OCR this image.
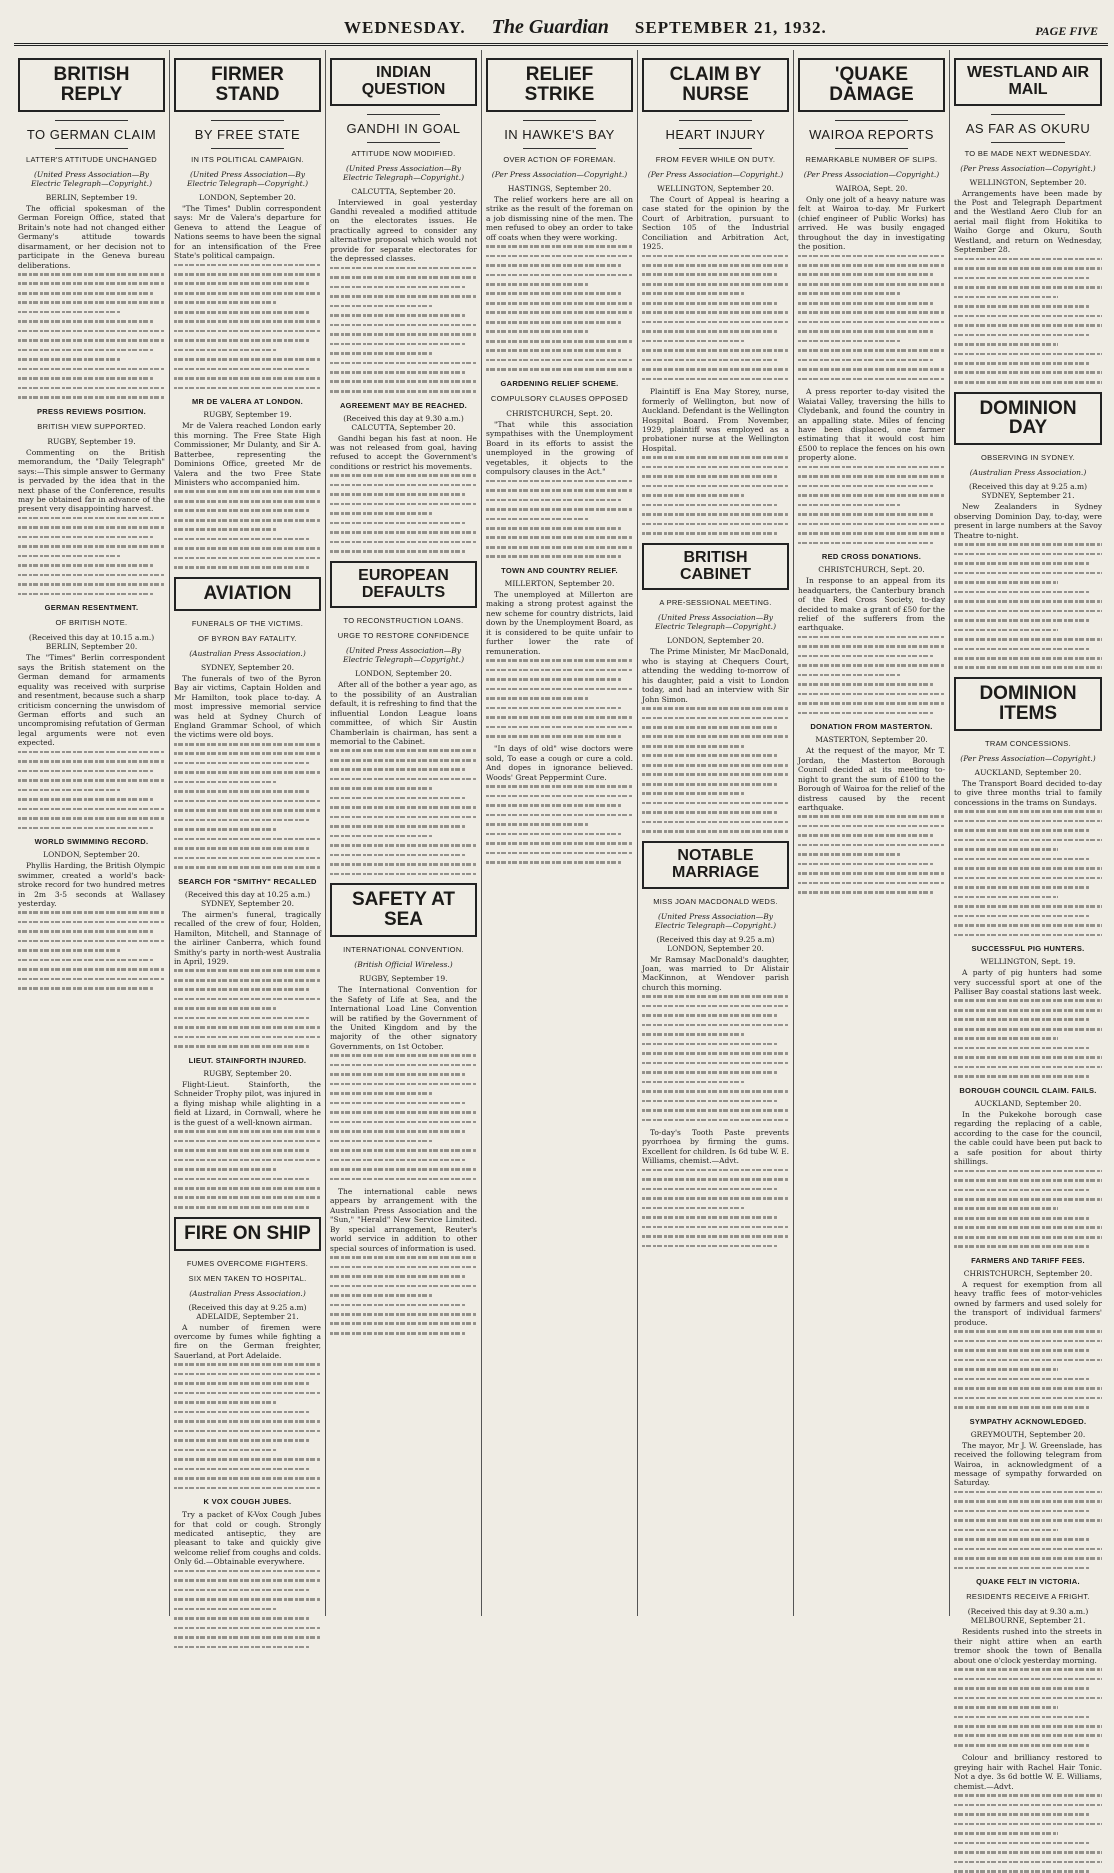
WEDNESDAY. The Guardian SEPTEMBER 21, 1932.	PAGE FIVE
BRITISH REPLY
TO GERMAN CLAIM
LATTER'S ATTITUDE UNCHANGED
(United Press Association—By Electric Telegraph—Copyright.)
BERLIN, September 19.
The official spokesman of the German Foreign Office, stated that Britain's note had not changed either Germany's attitude towards disarmament, or her decision not to participate in the Geneva bureau deliberations.
PRESS REVIEWS POSITION.
BRITISH VIEW SUPPORTED.
RUGBY, September 19.
Commenting on the British memorandum, the "Daily Telegraph" says:—This simple answer to Germany is pervaded by the idea that in the next phase of the Conference, results may be obtained far in advance of the present very disappointing harvest.
GERMAN RESENTMENT.
OF BRITISH NOTE.
(Received this day at 10.15 a.m.) BERLIN, September 20.
The "Times" Berlin correspondent says the British statement on the German demand for armaments equality was received with surprise and resentment, because such a sharp criticism concerning the unwisdom of German efforts and such an uncompromising refutation of German legal arguments were not even expected.
WORLD SWIMMING RECORD.
LONDON, September 20.
Phyllis Harding, the British Olympic swimmer, created a world's back-stroke record for two hundred metres in 2m 3-5 seconds at Wallasey yesterday.
FIRMER STAND
BY FREE STATE
IN ITS POLITICAL CAMPAIGN.
(United Press Association—By Electric Telegraph—Copyright.)
LONDON, September 20.
"The Times" Dublin correspondent says: Mr de Valera's departure for Geneva to attend the League of Nations seems to have been the signal for an intensification of the Free State's political campaign.
MR DE VALERA AT LONDON.
RUGBY, September 19.
Mr de Valera reached London early this morning. The Free State High Commissioner, Mr Dulanty, and Sir A. Batterbee, representing the Dominions Office, greeted Mr de Valera and the two Free State Ministers who accompanied him.
AVIATION
FUNERALS OF THE VICTIMS.
OF BYRON BAY FATALITY.
(Australian Press Association.)
SYDNEY, September 20.
The funerals of two of the Byron Bay air victims, Captain Holden and Mr Hamilton, took place to-day. A most impressive memorial service was held at Sydney Church of England Grammar School, of which the victims were old boys.
SEARCH FOR "SMITHY" RECALLED
(Received this day at 10.25 a.m.) SYDNEY, September 20.
The airmen's funeral, tragically recalled of the crew of four, Holden, Hamilton, Mitchell, and Stannage of the airliner Canberra, which found Smithy's party in north-west Australia in April, 1929.
LIEUT. STAINFORTH INJURED.
RUGBY, September 20.
Flight-Lieut. Stainforth, the Schneider Trophy pilot, was injured in a flying mishap while alighting in a field at Lizard, in Cornwall, where he is the guest of a well-known airman.
FIRE ON SHIP
FUMES OVERCOME FIGHTERS.
SIX MEN TAKEN TO HOSPITAL.
(Australian Press Association.)
(Received this day at 9.25 a.m) ADELAIDE, September 21.
A number of firemen were overcome by fumes while fighting a fire on the German freighter, Sauerland, at Port Adelaide.
K VOX COUGH JUBES.
Try a packet of K-Vox Cough Jubes for that cold or cough. Strongly medicated antiseptic, they are pleasant to take and quickly give welcome relief from coughs and colds. Only 6d.—Obtainable everywhere.
INDIAN QUESTION
GANDHI IN GOAL
ATTITUDE NOW MODIFIED.
(United Press Association—By Electric Telegraph—Copyright.)
CALCUTTA, September 20.
Interviewed in goal yesterday Gandhi revealed a modified attitude on the electorates issues. He practically agreed to consider any alternative proposal which would not provide for separate electorates for the depressed classes.
AGREEMENT MAY BE REACHED.
(Received this day at 9.30 a.m.) CALCUTTA, September 20.
Gandhi began his fast at noon. He was not released from goal, having refused to accept the Government's conditions or restrict his movements.
EUROPEAN DEFAULTS
TO RECONSTRUCTION LOANS.
URGE TO RESTORE CONFIDENCE
(United Press Association—By Electric Telegraph—Copyright.)
LONDON, September 20.
After all of the bother a year ago, as to the possibility of an Australian default, it is refreshing to find that the influential London League loans committee, of which Sir Austin Chamberlain is chairman, has sent a memorial to the Cabinet.
SAFETY AT SEA
INTERNATIONAL CONVENTION.
(British Official Wireless.)
RUGBY, September 19.
The International Convention for the Safety of Life at Sea, and the International Load Line Convention will be ratified by the Government of the United Kingdom and by the majority of the other signatory Governments, on 1st October.
The international cable news appears by arrangement with the Australian Press Association and the "Sun," "Herald" New Service Limited. By special arrangement, Reuter's world service in addition to other special sources of information is used.
RELIEF STRIKE
IN HAWKE'S BAY
OVER ACTION OF FOREMAN.
(Per Press Association—Copyright.)
HASTINGS, September 20.
The relief workers here are all on strike as the result of the foreman on a job dismissing nine of the men. The men refused to obey an order to take off coats when they were working.
GARDENING RELIEF SCHEME.
COMPULSORY CLAUSES OPPOSED
CHRISTCHURCH, Sept. 20.
"That while this association sympathises with the Unemployment Board in its efforts to assist the unemployed in the growing of vegetables, it objects to the compulsory clauses in the Act."
TOWN AND COUNTRY RELIEF.
MILLERTON, September 20.
The unemployed at Millerton are making a strong protest against the new scheme for country districts, laid down by the Unemployment Board, as it is considered to be quite unfair to further lower the rate of remuneration.
"In days of old" wise doctors were sold, To ease a cough or cure a cold. And dopes in ignorance believed. Woods' Great Peppermint Cure.
CLAIM BY NURSE
HEART INJURY
FROM FEVER WHILE ON DUTY.
(Per Press Association—Copyright.)
WELLINGTON, September 20.
The Court of Appeal is hearing a case stated for the opinion by the Court of Arbitration, pursuant to Section 105 of the Industrial Conciliation and Arbitration Act, 1925.
Plaintiff is Ena May Storey, nurse, formerly of Wellington, but now of Auckland. Defendant is the Wellington Hospital Board. From November, 1929, plaintiff was employed as a probationer nurse at the Wellington Hospital.
BRITISH CABINET
A PRE-SESSIONAL MEETING.
(United Press Association—By Electric Telegraph—Copyright.)
LONDON, September 20.
The Prime Minister, Mr MacDonald, who is staying at Chequers Court, attending the wedding to-morrow of his daughter, paid a visit to London today, and had an interview with Sir John Simon.
NOTABLE MARRIAGE
MISS JOAN MACDONALD WEDS.
(United Press Association—By Electric Telegraph—Copyright.)
(Received this day at 9.25 a.m) LONDON, September 20.
Mr Ramsay MacDonald's daughter, Joan, was married to Dr Alistair MacKinnon, at Wendover parish church this morning.
To-day's Tooth Paste prevents pyorrhoea by firming the gums. Excellent for children. Is 6d tube W. E. Williams, chemist.—Advt.
'QUAKE DAMAGE
WAIROA REPORTS
REMARKABLE NUMBER OF SLIPS.
(Per Press Association—Copyright.)
WAIROA, Sept. 20.
Only one jolt of a heavy nature was felt at Wairoa to-day. Mr Furkert (chief engineer of Public Works) has arrived. He was busily engaged throughout the day in investigating the position.
A press reporter to-day visited the Waiatai Valley, traversing the hills to Clydebank, and found the country in an appalling state. Miles of fencing have been displaced, one farmer estimating that it would cost him £500 to replace the fences on his own property alone.
RED CROSS DONATIONS.
CHRISTCHURCH, Sept. 20.
In response to an appeal from its headquarters, the Canterbury branch of the Red Cross Society, to-day decided to make a grant of £50 for the relief of the sufferers from the earthquake.
DONATION FROM MASTERTON.
MASTERTON, September 20.
At the request of the mayor, Mr T. Jordan, the Masterton Borough Council decided at its meeting to-night to grant the sum of £100 to the Borough of Wairoa for the relief of the distress caused by the recent earthquake.
WESTLAND AIR MAIL
AS FAR AS OKURU
TO BE MADE NEXT WEDNESDAY.
(Per Press Association—Copyright.)
WELLINGTON, September 20.
Arrangements have been made by the Post and Telegraph Department and the Westland Aero Club for an aerial mail flight from Hokitika to Waiho Gorge and Okuru, South Westland, and return on Wednesday, September 28.
DOMINION DAY
OBSERVING IN SYDNEY.
(Australian Press Association.)
(Received this day at 9.25 a.m) SYDNEY, September 21.
New Zealanders in Sydney observing Dominion Day, to-day, were present in large numbers at the Savoy Theatre to-night.
DOMINION ITEMS
TRAM CONCESSIONS.
(Per Press Association—Copyright.)
AUCKLAND, September 20.
The Transport Board decided to-day to give three months trial to family concessions in the trams on Sundays.
SUCCESSFUL PIG HUNTERS.
WELLINGTON, Sept. 19.
A party of pig hunters had some very successful sport at one of the Palliser Bay coastal stations last week.
BOROUGH COUNCIL CLAIM. FAILS.
AUCKLAND, September 20.
In the Pukekohe borough case regarding the replacing of a cable, according to the case for the council, the cable could have been put back to a safe position for about thirty shillings.
FARMERS AND TARIFF FEES.
CHRISTCHURCH, September 20.
A request for exemption from all heavy traffic fees of motor-vehicles owned by farmers and used solely for the transport of individual farmers' produce.
SYMPATHY ACKNOWLEDGED.
GREYMOUTH, September 20.
The mayor, Mr J. W. Greenslade, has received the following telegram from Wairoa, in acknowledgment of a message of sympathy forwarded on Saturday.
QUAKE FELT IN VICTORIA.
RESIDENTS RECEIVE A FRIGHT.
(Received this day at 9.30 a.m.) MELBOURNE, September 21.
Residents rushed into the streets in their night attire when an earth tremor shook the town of Benalla about one o'clock yesterday morning.
Colour and brilliancy restored to greying hair with Rachel Hair Tonic. Not a dye. 3s 6d bottle W. E. Williams, chemist.—Advt.
